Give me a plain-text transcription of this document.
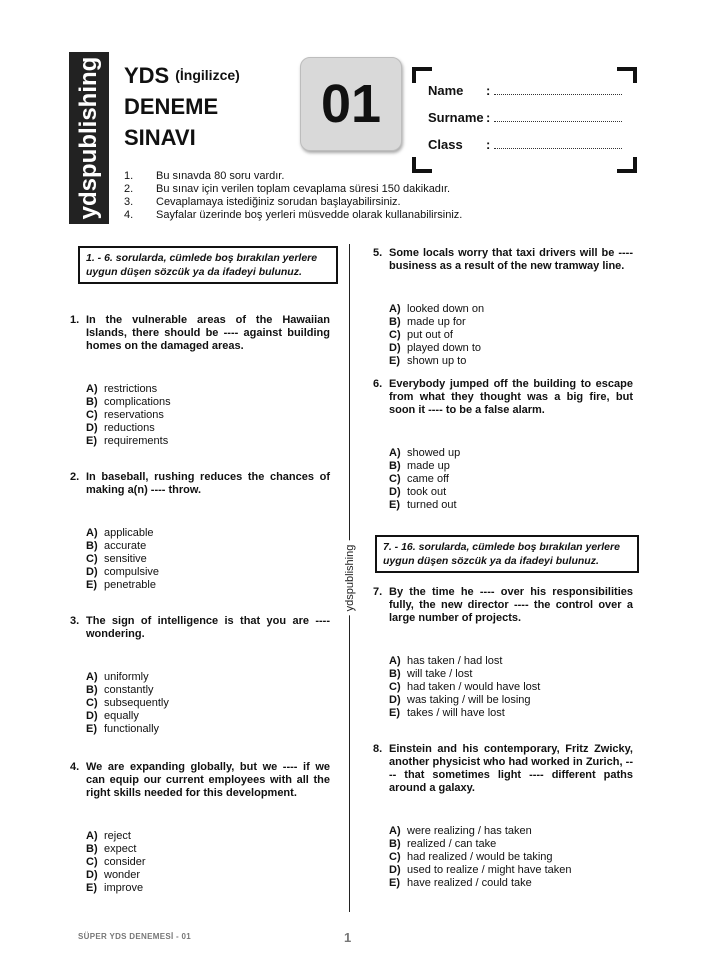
ydspublishing YDS (İngilizce)
DENEME
SINAVI
01	Name	:
Surname :
Class	:
1.	Bu sınavda 80 soru vardır.
2.	Bu sınav için verilen toplam cevaplama süresi 150 dakikadır.
3.	Cevaplamaya istediğiniz sorudan başlayabilirsiniz.
4.	Sayfalar üzerinde boş yerleri müsvedde olarak kullanabilirsiniz.
ydspublishing
1. - 6. sorularda, cümlede boş bırakılan yerlere uygun düşen sözcük ya da ifadeyi bulunuz.
1. In the vulnerable areas of the Hawaiian Islands, there should be ---- against building homes on the damaged areas.
A) restrictions
B) complications
C) reservations
D) reductions
E) requirements
2. In baseball, rushing reduces the chances of making a(n) ---- throw.
A) applicable
B) accurate
C) sensitive
D) compulsive
E) penetrable
3. The sign of intelligence is that you are ---- wondering.
A) uniformly
B) constantly
C) subsequently
D) equally
E) functionally
4. We are expanding globally, but we ---- if we can equip our current employees with all the right skills needed for this development.
A) reject
B) expect
C) consider
D) wonder
E) improve
5. Some locals worry that taxi drivers will be ---- business as a result of the new tramway line.
A) looked down on
B) made up for
C) put out of
D) played down to
E) shown up to
6. Everybody jumped off the building to escape from what they thought was a big fire, but soon it ---- to be a false alarm.
A) showed up
B) made up
C) came off
D) took out
E) turned out
7. - 16. sorularda, cümlede boş bırakılan yerlere uygun düşen sözcük ya da ifadeyi bulunuz.
7. By the time he ---- over his responsibilities fully, the new director ---- the control over a large number of projects.
A) has taken / had lost
B) will take / lost
C) had taken / would have lost
D) was taking / will be losing
E) takes / will have lost
8. Einstein and his contemporary, Fritz Zwicky, another physicist who had worked in Zurich, ---- that sometimes light ---- different paths around a galaxy.
A) were realizing / has taken
B) realized / can take
C) had realized / would be taking
D) used to realize / might have taken
E) have realized / could take
SÜPER YDS DENEMESİ - 01	1
